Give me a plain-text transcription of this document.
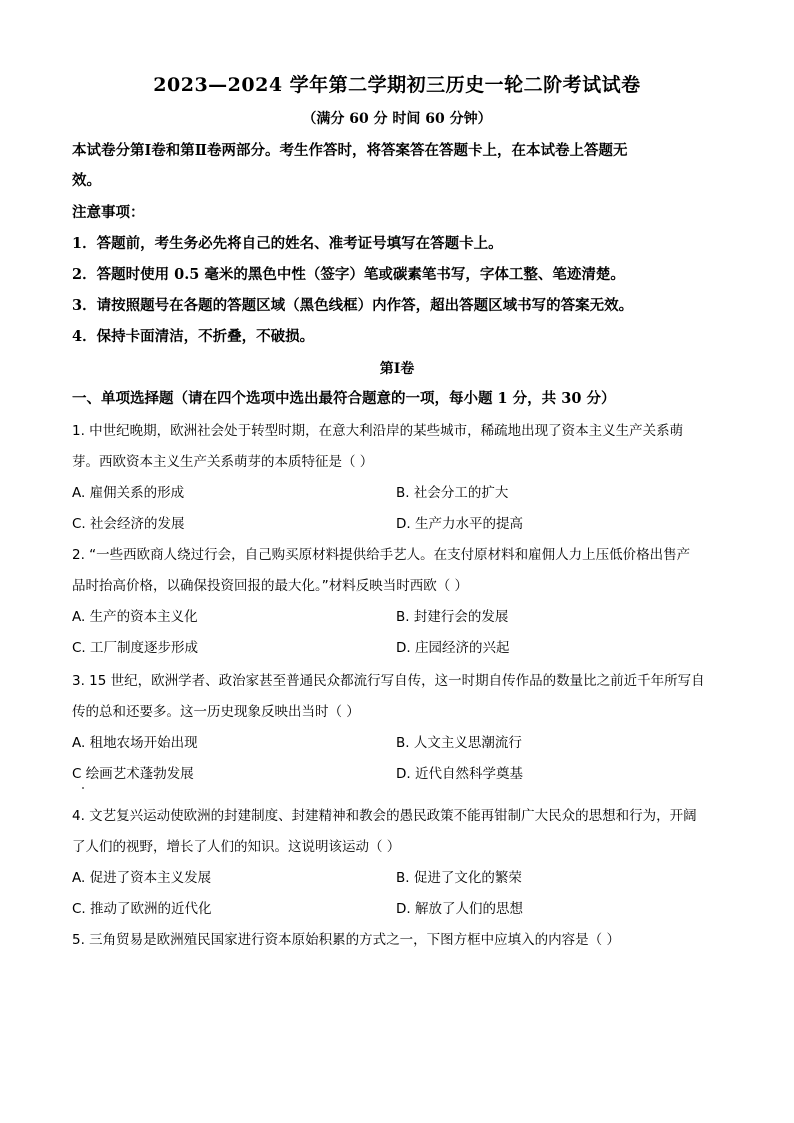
2023—2024 学年第二学期初三历史一轮二阶考试试卷
（满分 60 分 时间 60 分钟）
本试卷分第Ⅰ卷和第Ⅱ卷两部分。考生作答时，将答案答在答题卡上，在本试卷上答题无
效。
注意事项：
1．答题前，考生务必先将自己的姓名、准考证号填写在答题卡上。
2．答题时使用 0.5 毫米的黑色中性（签字）笔或碳素笔书写，字体工整、笔迹清楚。
3．请按照题号在各题的答题区域（黑色线框）内作答，超出答题区域书写的答案无效。
4．保持卡面清洁，不折叠，不破损。
第Ⅰ卷
一、单项选择题（请在四个选项中选出最符合题意的一项，每小题 1 分，共 30 分）
1. 中世纪晚期，欧洲社会处于转型时期，在意大利沿岸的某些城市，稀疏地出现了资本主义生产关系萌
芽。西欧资本主义生产关系萌芽的本质特征是（ ）
A. 雇佣关系的形成	B. 社会分工的扩大
C. 社会经济的发展	D. 生产力水平的提高
2. “一些西欧商人绕过行会，自己购买原材料提供给手艺人。在支付原材料和雇佣人力上压低价格出售产
品时抬高价格，以确保投资回报的最大化。”材料反映当时西欧（ ）
A. 生产的资本主义化	B. 封建行会的发展
C. 工厂制度逐步形成	D. 庄园经济的兴起
3. 15 世纪，欧洲学者、政治家甚至普通民众都流行写自传，这一时期自传作品的数量比之前近千年所写自
传的总和还要多。这一历史现象反映出当时（ ）
A. 租地农场开始出现	B. 人文主义思潮流行
C 绘画艺术蓬勃发展	D. 近代自然科学奠基
4. 文艺复兴运动使欧洲的封建制度、封建精神和教会的愚民政策不能再钳制广大民众的思想和行为，开阔
了人们的视野，增长了人们的知识。这说明该运动（ ）
A. 促进了资本主义发展	B. 促进了文化的繁荣
C. 推动了欧洲的近代化	D. 解放了人们的思想
5. 三角贸易是欧洲殖民国家进行资本原始积累的方式之一，下图方框中应填入的内容是（ ）
